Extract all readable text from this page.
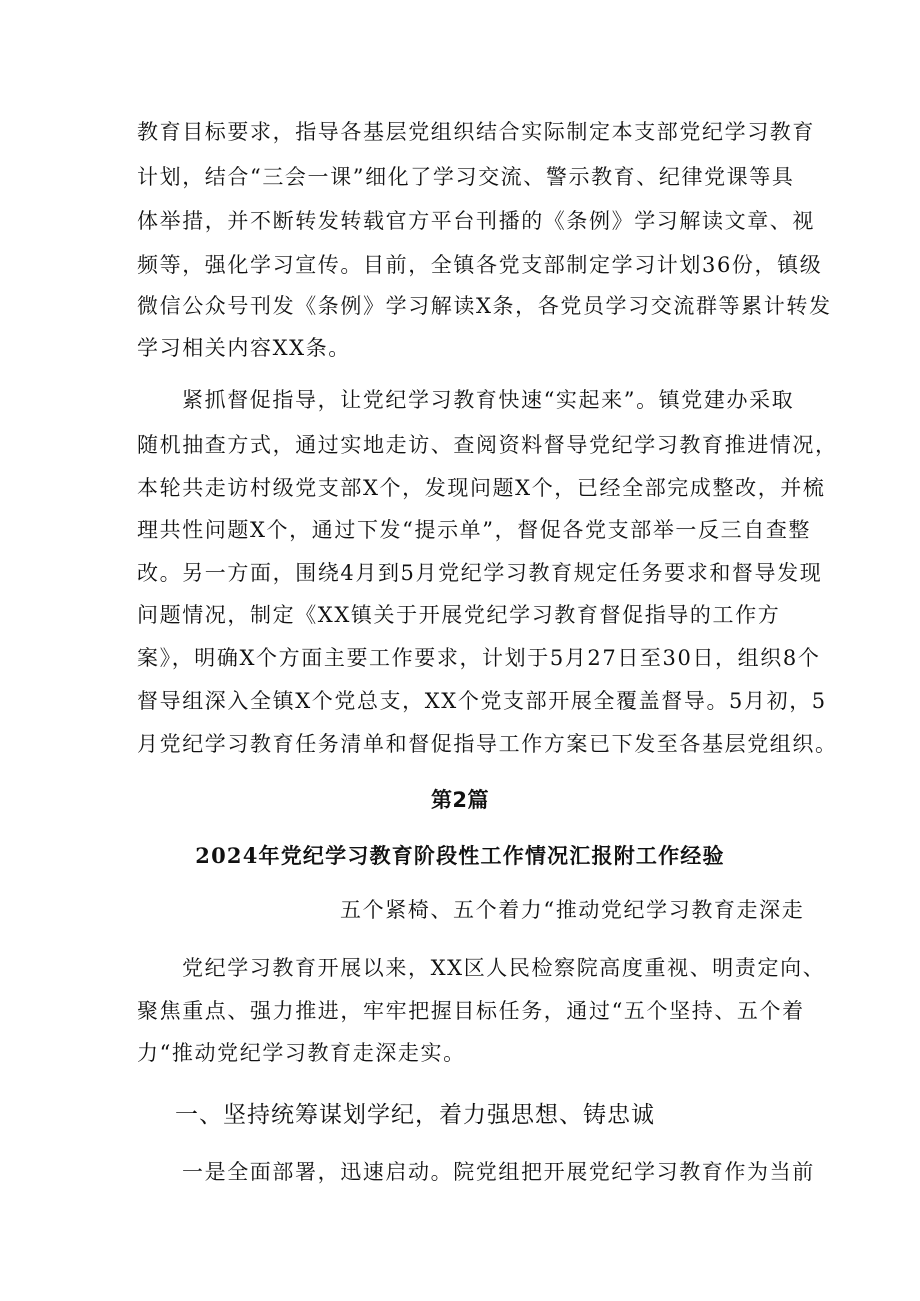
教育目标要求，指导各基层党组织结合实际制定本支部党纪学习教育
计划，结合“三会一课”细化了学习交流、警示教育、纪律党课等具
体举措，并不断转发转载官方平台刊播的《条例》学习解读文章、视
频等，强化学习宣传。目前，全镇各党支部制定学习计划36份，镇级
微信公众号刊发《条例》学习解读X条，各党员学习交流群等累计转发
学习相关内容XX条。
紧抓督促指导，让党纪学习教育快速“实起来”。镇党建办采取
随机抽查方式，通过实地走访、查阅资料督导党纪学习教育推进情况，
本轮共走访村级党支部X个，发现问题X个，已经全部完成整改，并梳
理共性问题X个，通过下发“提示单”，督促各党支部举一反三自查整
改。另一方面，围绕4月到5月党纪学习教育规定任务要求和督导发现
问题情况，制定《XX镇关于开展党纪学习教育督促指导的工作方
案》，明确X个方面主要工作要求，计划于5月27日至30日，组织8个
督导组深入全镇X个党总支，XX个党支部开展全覆盖督导。5月初，5
月党纪学习教育任务清单和督促指导工作方案已下发至各基层党组织。
第2篇
2024年党纪学习教育阶段性工作情况汇报附工作经验
五个紧椅、五个着力“推动党纪学习教育走深走
党纪学习教育开展以来，XX区人民检察院高度重视、明责定向、
聚焦重点、强力推进，牢牢把握目标任务，通过“五个坚持、五个着
力“推动党纪学习教育走深走实。
一、坚持统筹谋划学纪，着力强思想、铸忠诚
一是全面部署，迅速启动。院党组把开展党纪学习教育作为当前
